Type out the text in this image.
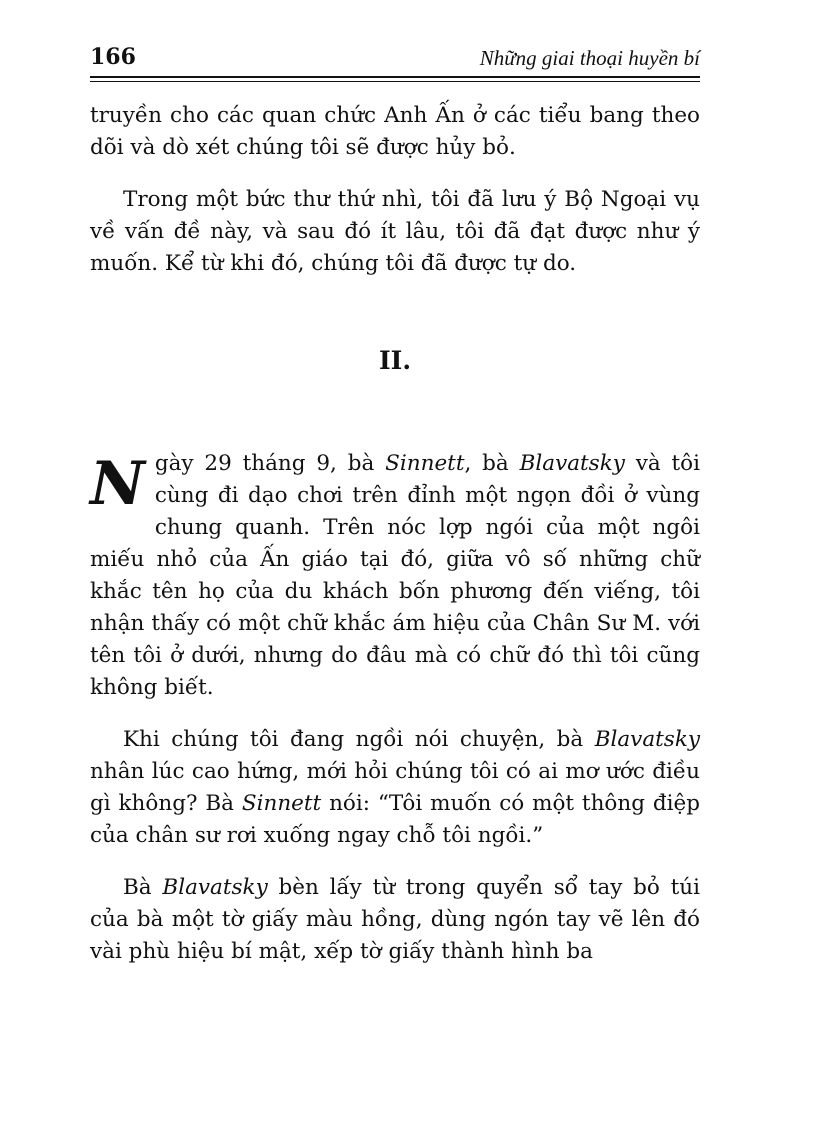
166	Những giai thoại huyền bí

truyền cho các quan chức Anh Ấn ở các tiểu bang theo dõi và dò xét chúng tôi sẽ được hủy bỏ.

Trong một bức thư thứ nhì, tôi đã lưu ý Bộ Ngoại vụ về vấn đề này, và sau đó ít lâu, tôi đã đạt được như ý muốn. Kể từ khi đó, chúng tôi đã được tự do.

II.

Ngày 29 tháng 9, bà Sinnett, bà Blavatsky và tôi cùng đi dạo chơi trên đỉnh một ngọn đồi ở vùng chung quanh. Trên nóc lợp ngói của một ngôi miếu nhỏ của Ấn giáo tại đó, giữa vô số những chữ khắc tên họ của du khách bốn phương đến viếng, tôi nhận thấy có một chữ khắc ám hiệu của Chân Sư M. với tên tôi ở dưới, nhưng do đâu mà có chữ đó thì tôi cũng không biết.

Khi chúng tôi đang ngồi nói chuyện, bà Blavatsky nhân lúc cao hứng, mới hỏi chúng tôi có ai mơ ước điều gì không? Bà Sinnett nói: “Tôi muốn có một thông điệp của chân sư rơi xuống ngay chỗ tôi ngồi.”

Bà Blavatsky bèn lấy từ trong quyển sổ tay bỏ túi của bà một tờ giấy màu hồng, dùng ngón tay vẽ lên đó vài phù hiệu bí mật, xếp tờ giấy thành hình ba
